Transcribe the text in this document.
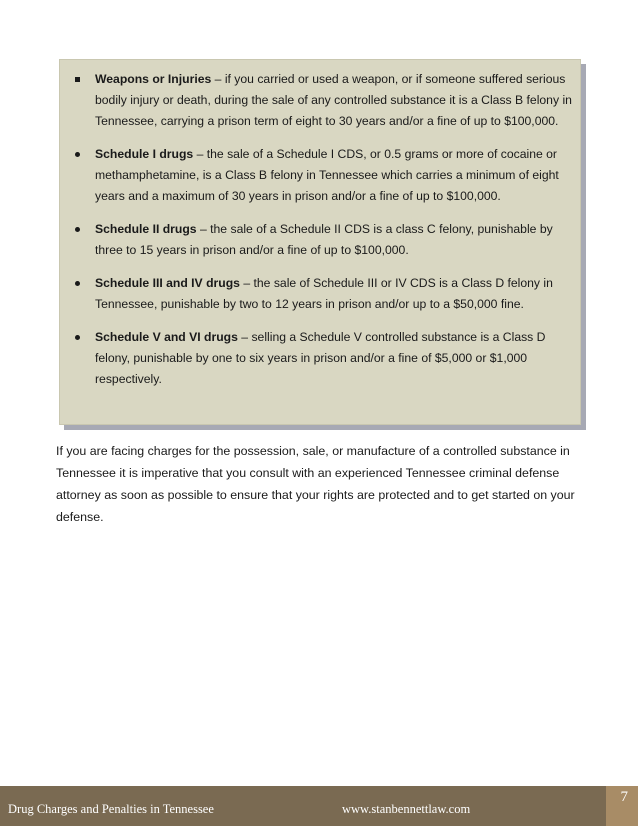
Weapons or Injuries – if you carried or used a weapon, or if someone suffered serious bodily injury or death, during the sale of any controlled substance it is a Class B felony in Tennessee, carrying a prison term of eight to 30 years and/or a fine of up to $100,000.
Schedule I drugs – the sale of a Schedule I CDS, or 0.5 grams or more of cocaine or methamphetamine, is a Class B felony in Tennessee which carries a minimum of eight years and a maximum of 30 years in prison and/or a fine of up to $100,000.
Schedule II drugs – the sale of a Schedule II CDS is a class C felony, punishable by three to 15 years in prison and/or a fine of up to $100,000.
Schedule III and IV drugs – the sale of Schedule III or IV CDS is a Class D felony in Tennessee, punishable by two to 12 years in prison and/or up to a $50,000 fine.
Schedule V and VI drugs – selling a Schedule V controlled substance is a Class D felony, punishable by one to six years in prison and/or a fine of $5,000 or $1,000 respectively.

If you are facing charges for the possession, sale, or manufacture of a controlled substance in Tennessee it is imperative that you consult with an experienced Tennessee criminal defense attorney as soon as possible to ensure that your rights are protected and to get started on your defense.

Drug Charges and Penalties in Tennessee	www.stanbennettlaw.com
7
